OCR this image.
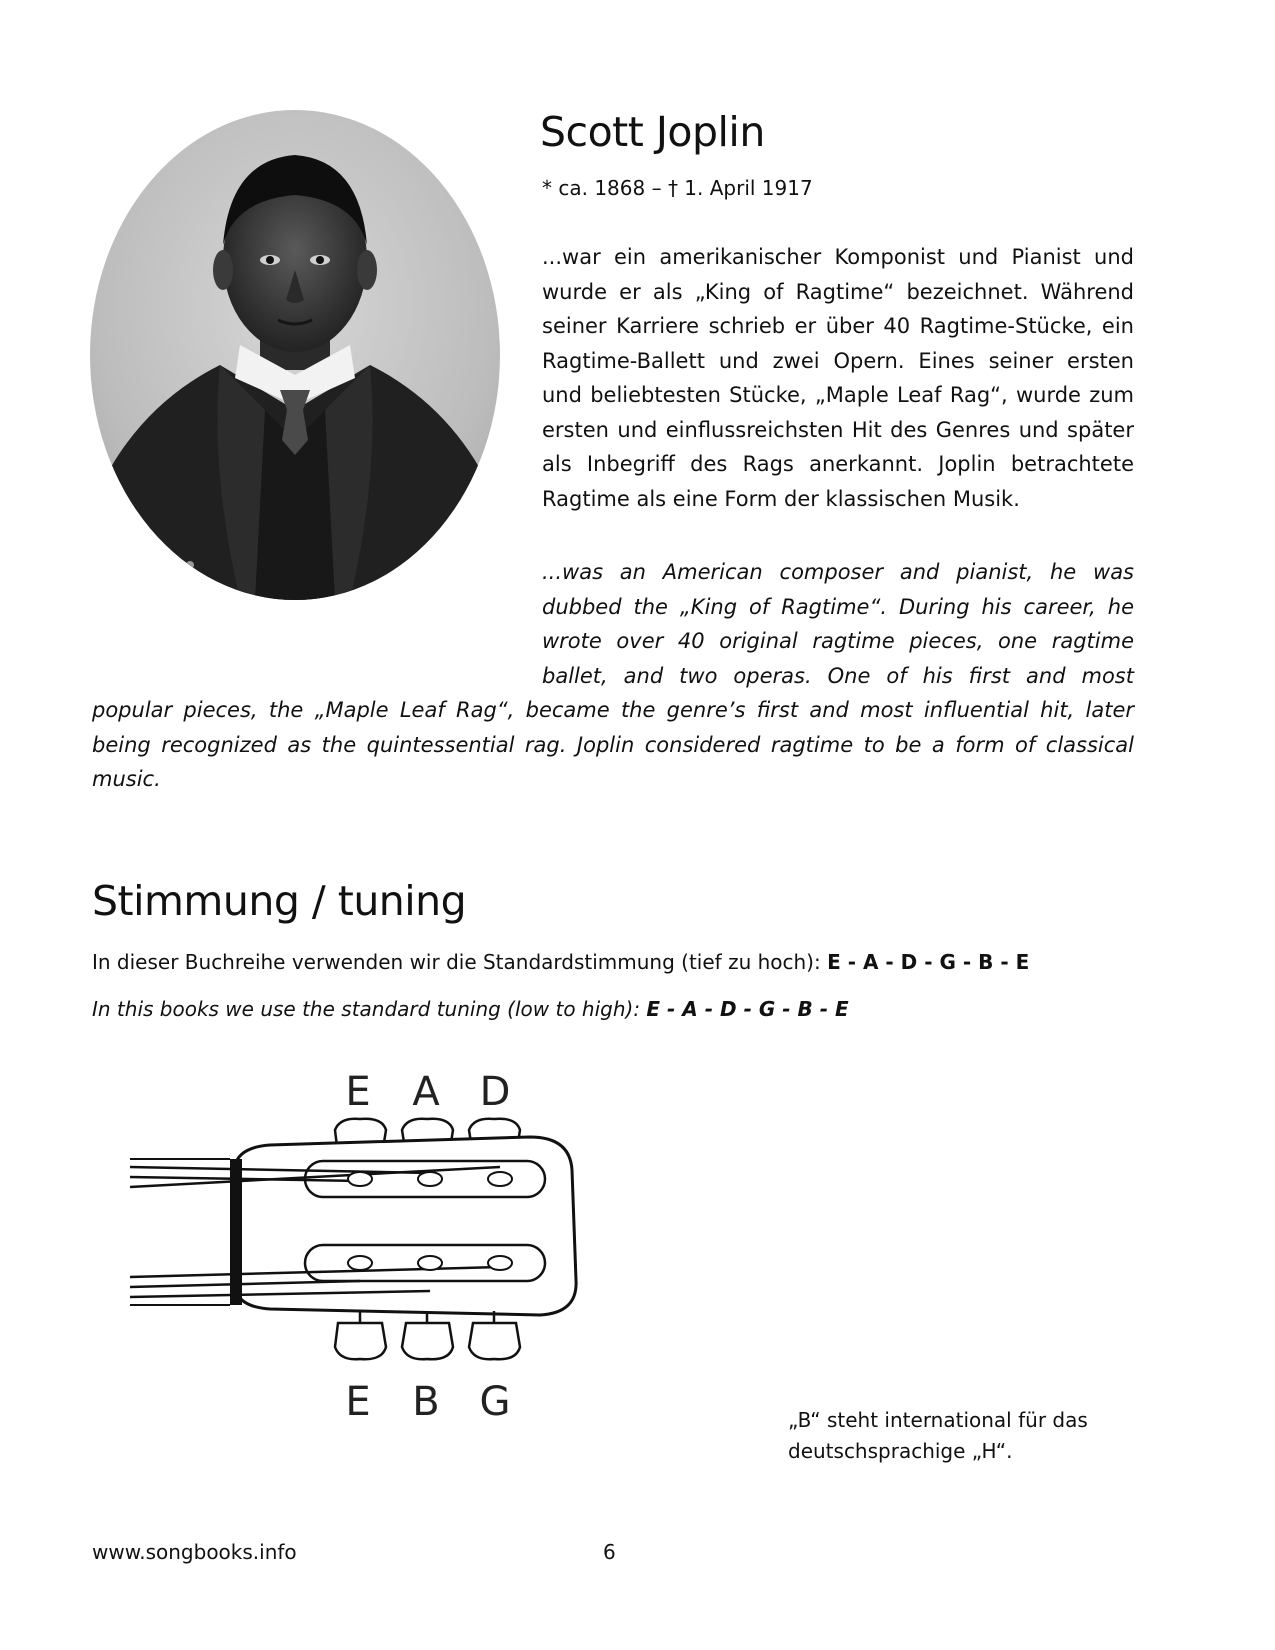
Scott Joplin
* ca. 1868 – † 1. April 1917

...war ein amerikanischer Komponist und Pianist und wurde er als „King of Ragtime“ bezeichnet. Während seiner Karriere schrieb er über 40 Ragtime-Stücke, ein Ragtime-Ballett und zwei Opern. Eines seiner ersten und beliebtesten Stücke, „Maple Leaf Rag“, wurde zum ersten und einflussreichsten Hit des Genres und später als Inbegriff des Rags anerkannt. Joplin betrachtete Ragtime als eine Form der klassischen Musik.

...was an American composer and pianist, he was dubbed the „King of Ragtime“. During his career, he wrote over 40 original ragtime pieces, one ragtime ballet, and two operas. One of his first and most popular pieces, the „Maple Leaf Rag“, became the genre’s first and most influential hit, later being recognized as the quintessential rag. Joplin considered ragtime to be a form of classical music.

Stimmung / tuning
In dieser Buchreihe verwenden wir die Standardstimmung (tief zu hoch): E - A - D - G - B - E
In this books we use the standard tuning (low to high): E - A - D - G - B - E
E A D
E B G	„B“ steht international für das deutschsprachige „H“.

www.songbooks.info	6
